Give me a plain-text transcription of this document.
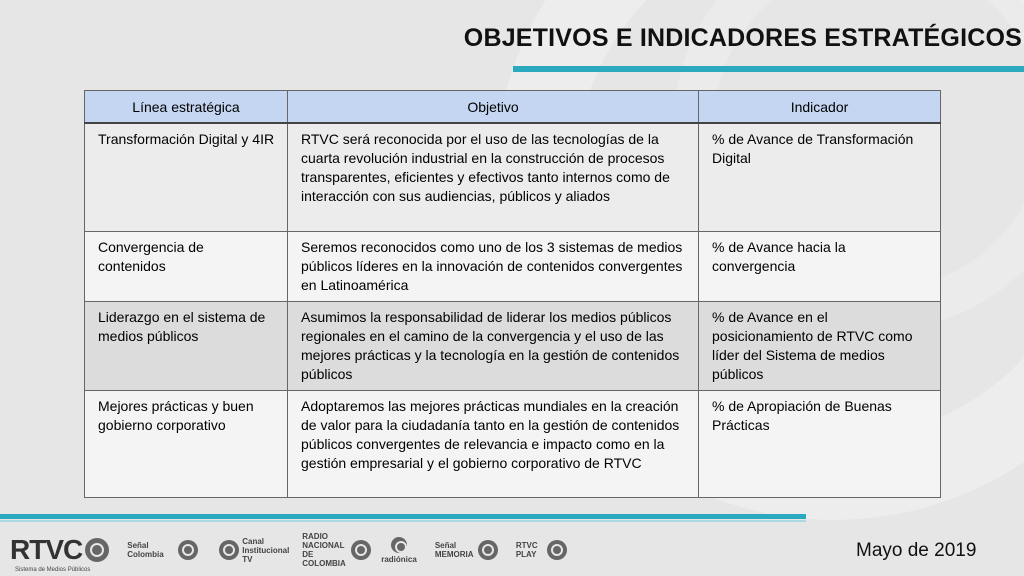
OBJETIVOS E INDICADORES ESTRATÉGICOS
Línea estratégica	Objetivo	Indicador
Transformación Digital y 4IR	RTVC será reconocida por el uso de las tecnologías de la cuarta revolución industrial en la construcción de procesos transparentes, eficientes y efectivos tanto internos como de interacción con sus audiencias, públicos y aliados	% de Avance de Transformación Digital
Convergencia de contenidos	Seremos reconocidos como uno de los 3 sistemas de medios públicos líderes en la innovación de contenidos convergentes en Latinoamérica	% de Avance hacia la convergencia
Liderazgo en el sistema de medios públicos	Asumimos la responsabilidad de liderar los medios públicos regionales en el camino de la convergencia y el uso de las mejores prácticas y la tecnología en la gestión de contenidos públicos	% de Avance en el posicionamiento de RTVC como líder del Sistema de medios públicos
Mejores prácticas y buen gobierno corporativo	Adoptaremos las mejores prácticas mundiales en la creación de valor para la ciudadanía tanto en la gestión de contenidos públicos convergentes de relevancia e impacto como en la gestión empresarial y el gobierno corporativo de RTVC	% de Apropiación de Buenas Prácticas
RTVC
Sistema de Medios Públicos
Señal Colombia
Canal Institucional TV
RADIO NACIONAL DE COLOMBIA	radiónica
Señal MEMORIA
RTVC PLAY	Mayo de 2019
